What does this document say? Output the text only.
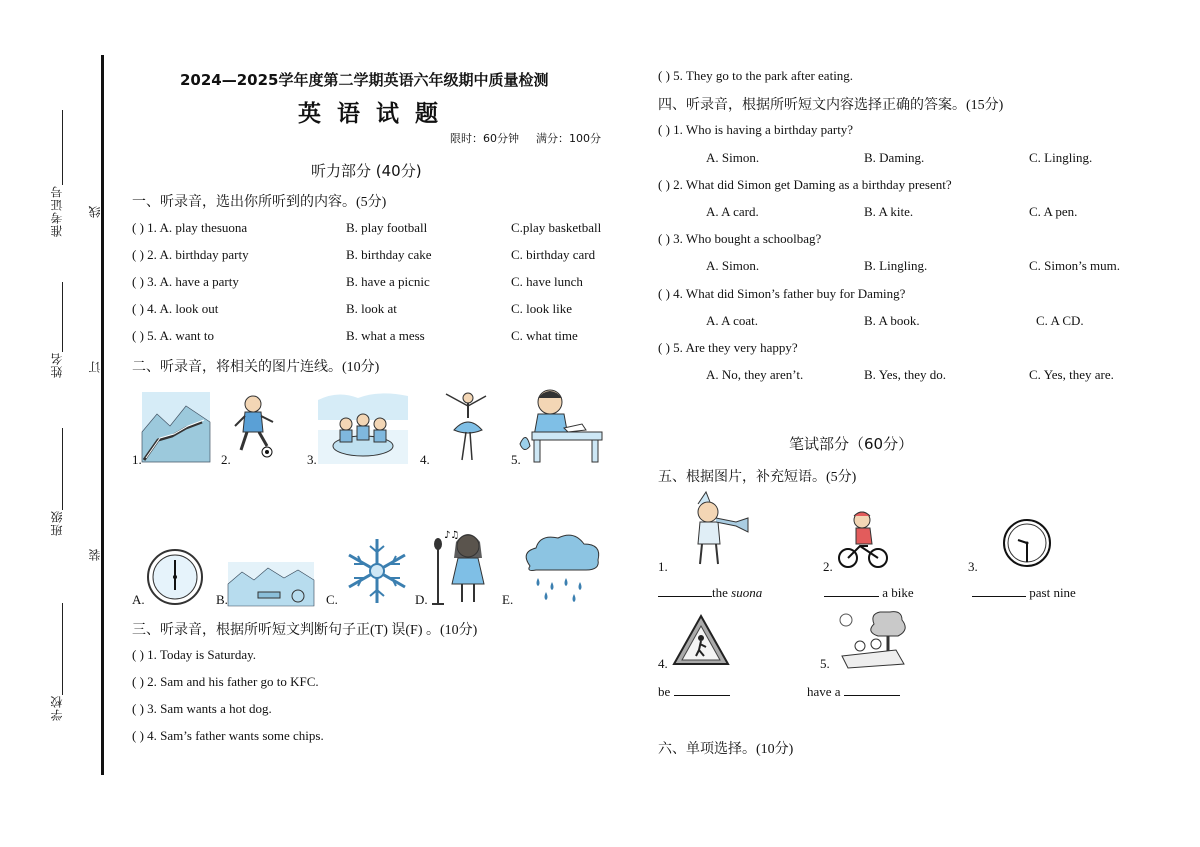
准考证号 线
姓名 订
班级
装
学校
2024—2025学年度第二学期英语六年级期中质量检测
英 语 试 题
限时：60分钟 满分：100分
听力部分 (40分)
一、听录音，选出你所听到的内容。(5分)
( ) 1. A. play thesuona	B. play football	C.play basketball
( ) 2. A. birthday party	B. birthday cake	C. birthday card
( ) 3. A. have a party	B. have a picnic	C. have lunch
( ) 4. A. look out	B. look at	C. look like
( ) 5. A. want to	B. what a mess	C. what time
二、听录音，将相关的图片连线。(10分)
1.	2.	3.	4.	5.
A.	B.	C.	D.
♪♫
E.
三、听录音，根据所听短文判断句子正(T) 误(F) 。(10分)
( ) 1. Today is Saturday.
( ) 2. Sam and his father go to KFC.
( ) 3. Sam wants a hot dog.
( ) 4. Sam’s father wants some chips.
( ) 5. They go to the park after eating.
四、听录音，根据所听短文内容选择正确的答案。(15分)
( ) 1. Who is having a birthday party?
A. Simon.	B. Daming.	C. Lingling.
( ) 2. What did Simon get Daming as a birthday present?
A. A card.	B. A kite.	C. A pen.
( ) 3. Who bought a schoolbag?
A. Simon.	B. Lingling.	C. Simon’s mum.
( ) 4. What did Simon’s father buy for Daming?
A. A coat.	B. A book.	C. A CD.
( ) 5. Are they very happy?
A. No, they aren’t.	B. Yes, they do.	C. Yes, they are.
笔试部分（60分）
五、根据图片，补充短语。(5分)
1.	2.	3.
the suona	a bike	past nine
4.	5.
be	have a
六、单项选择。(10分)
